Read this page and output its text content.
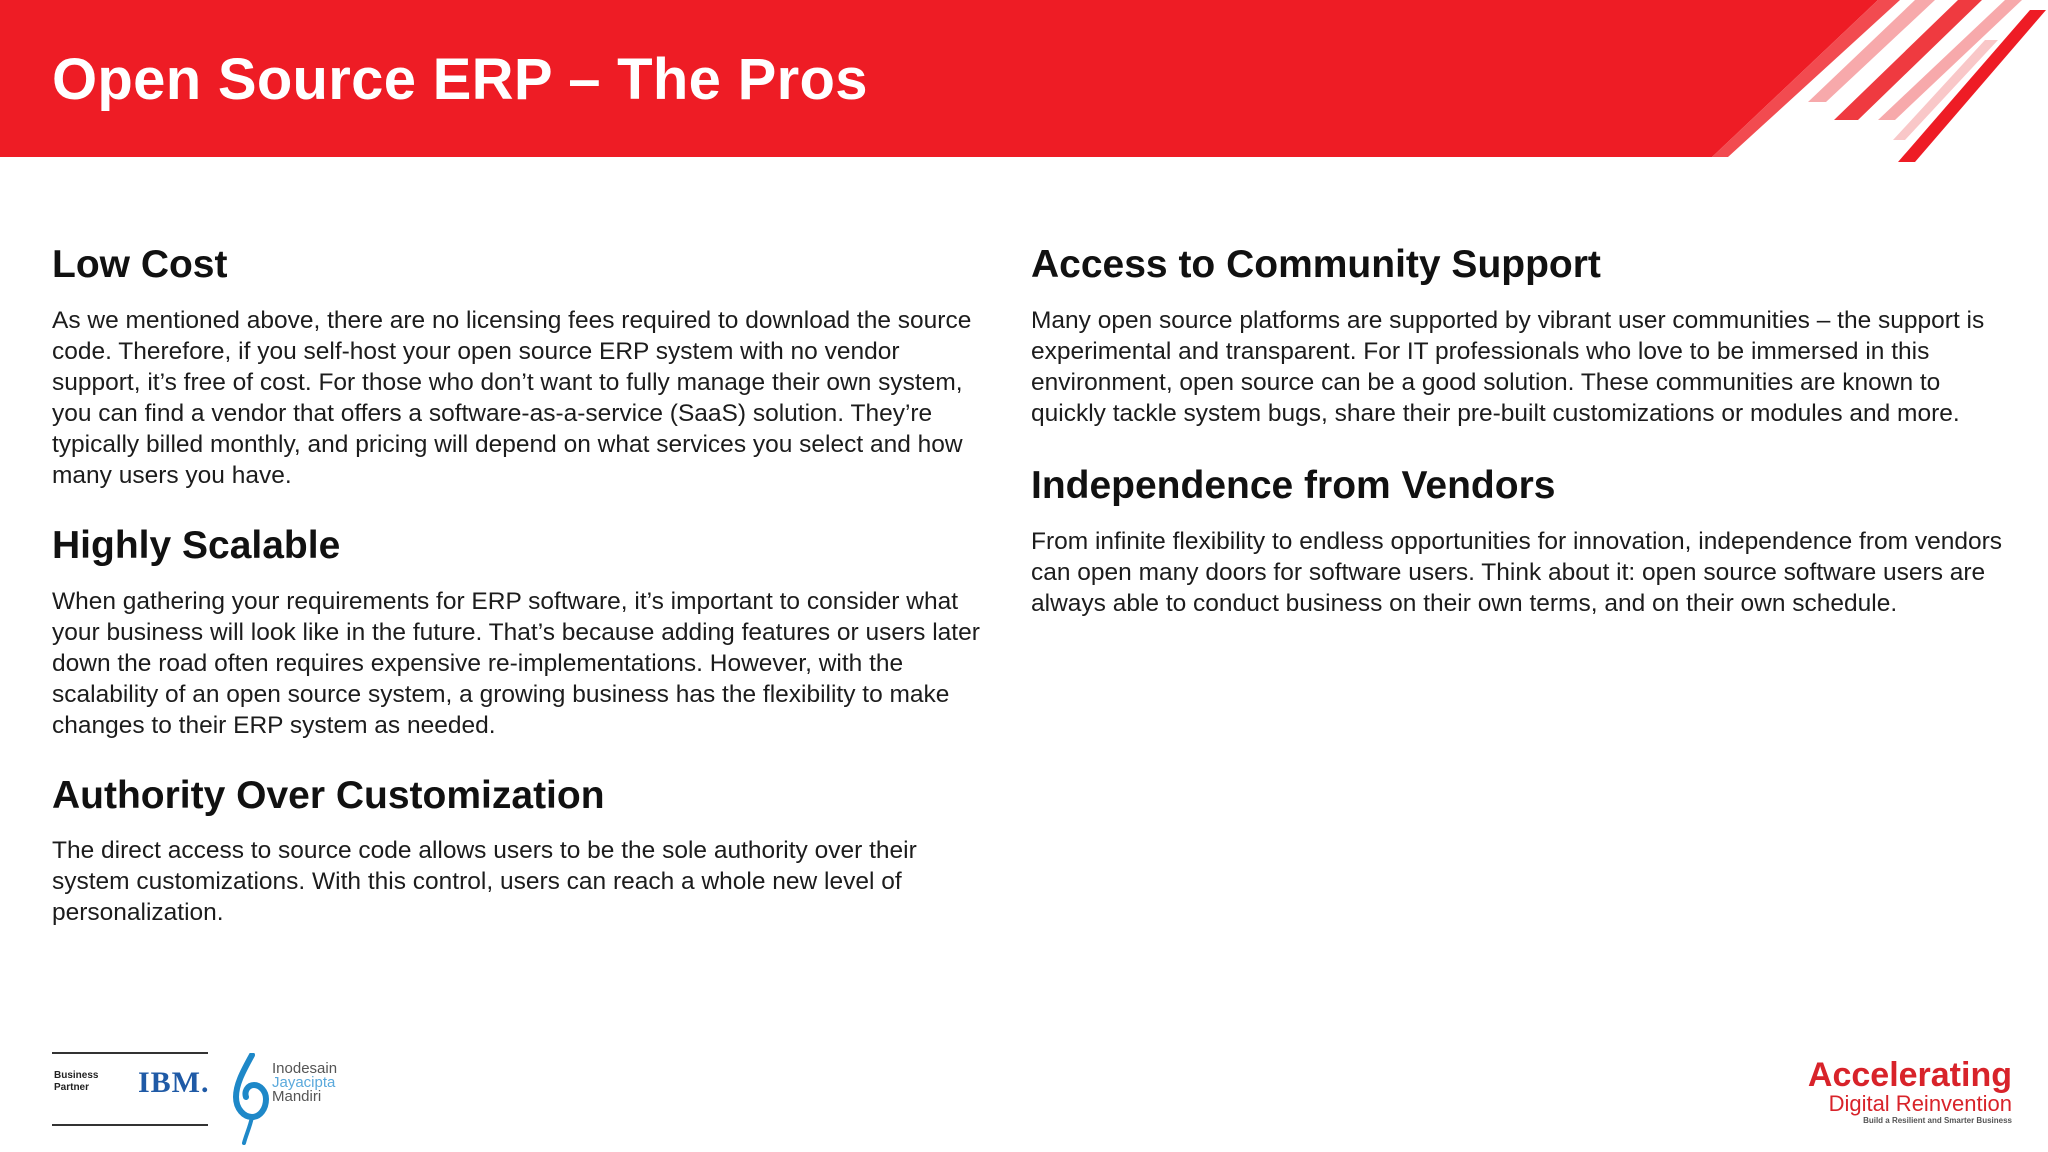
Open Source ERP – The Pros
Low Cost

As we mentioned above, there are no licensing fees required to download the source code. Therefore, if you self-host your open source ERP system with no vendor support, it’s free of cost. For those who don’t want to fully manage their own system, you can find a vendor that offers a software-as-a-service (SaaS) solution. They’re typically billed monthly, and pricing will depend on what services you select and how many users you have.

Highly Scalable

When gathering your requirements for ERP software, it’s important to consider what your business will look like in the future. That’s because adding features or users later down the road often requires expensive re-implementations. However, with the scalability of an open source system, a growing business has the flexibility to make changes to their ERP system as needed.

Authority Over Customization

The direct access to source code allows users to be the sole authority over their system customizations. With this control, users can reach a whole new level of personalization.

Access to Community Support

Many open source platforms are supported by vibrant user communities – the support is experimental and transparent. For IT professionals who love to be immersed in this environment, open source can be a good solution. These communities are known to quickly tackle system bugs, share their pre-built customizations or modules and more.

Independence from Vendors

From infinite flexibility to endless opportunities for innovation, independence from vendors can open many doors for software users. Think about it: open source software users are always able to conduct business on their own terms, and on their own schedule.

Business
Partner	IBM.	Inodesain
Jayacipta
Mandiri
Accelerating
Digital Reinvention
Build a Resilient and Smarter Business
